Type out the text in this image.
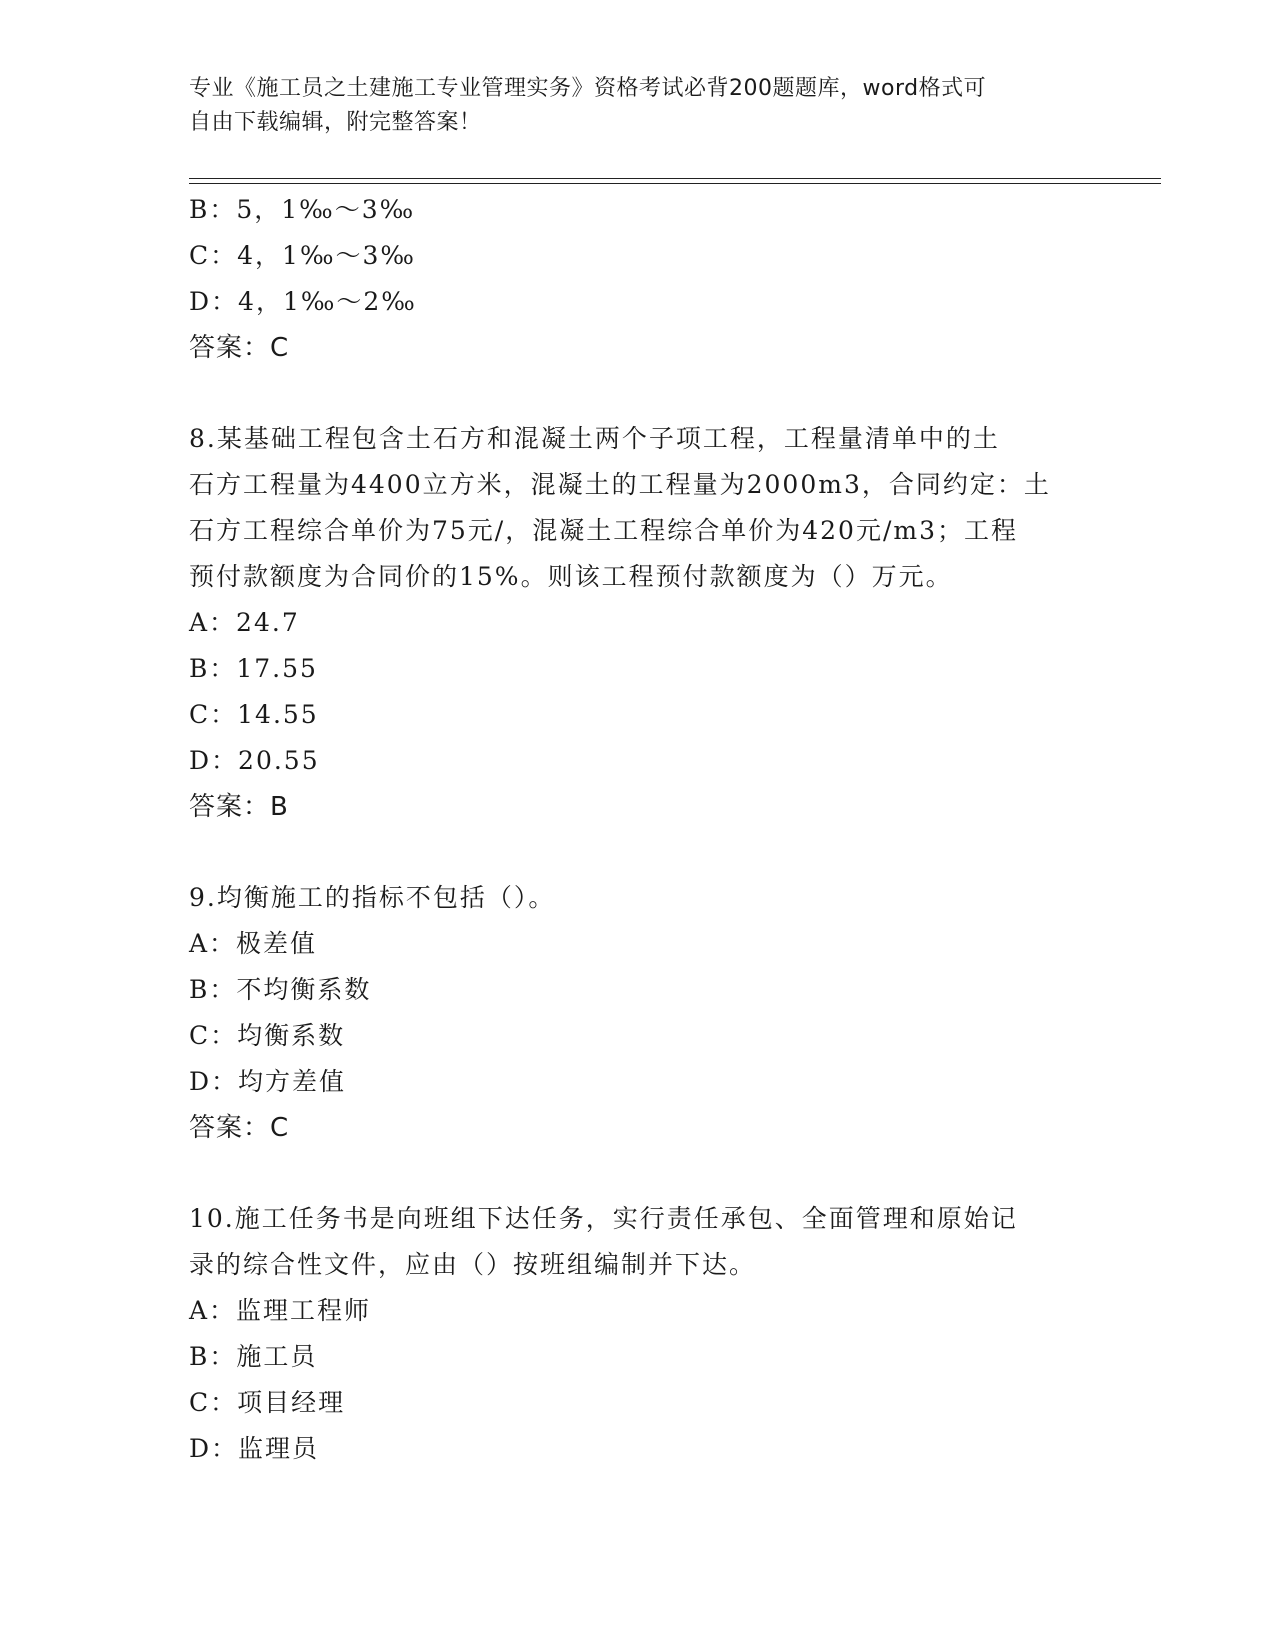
专业《施工员之土建施工专业管理实务》资格考试必背200题题库，word格式可
自由下载编辑，附完整答案！
B：5，1‰～3‰
C：4，1‰～3‰
D：4，1‰～2‰
答案：C
8.某基础工程包含土石方和混凝土两个子项工程，工程量清单中的土
石方工程量为4400立方米，混凝土的工程量为2000m3，合同约定：土
石方工程综合单价为75元/，混凝土工程综合单价为420元/m3；工程
预付款额度为合同价的15%。则该工程预付款额度为（）万元。
A：24.7
B：17.55
C：14.55
D：20.55
答案：B
9.均衡施工的指标不包括（）。
A：极差值
B：不均衡系数
C：均衡系数
D：均方差值
答案：C
10.施工任务书是向班组下达任务，实行责任承包、全面管理和原始记
录的综合性文件，应由（）按班组编制并下达。
A：监理工程师
B：施工员
C：项目经理
D：监理员
